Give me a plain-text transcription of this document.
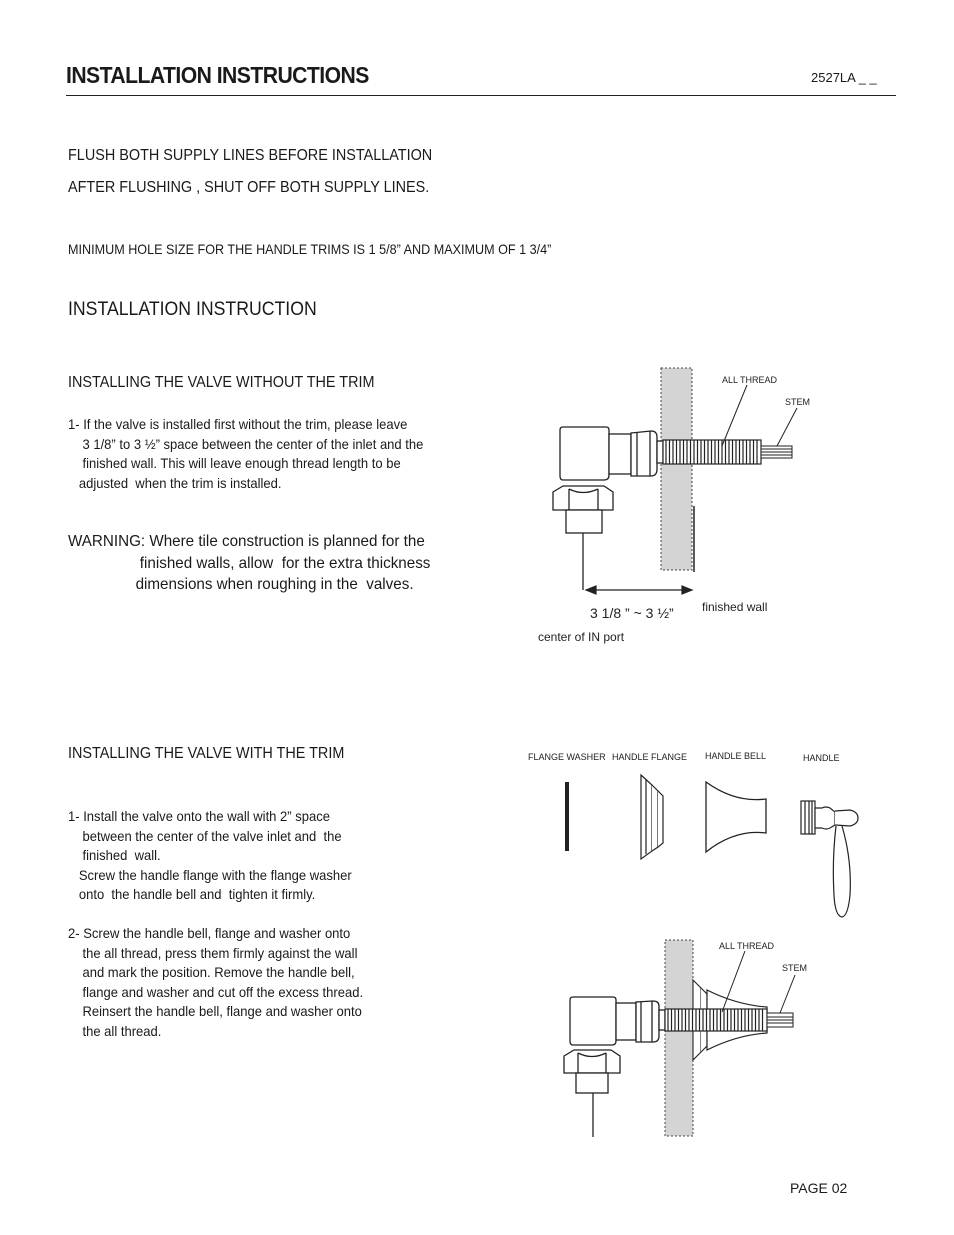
INSTALLATION INSTRUCTIONS	2527LA _ _
FLUSH BOTH SUPPLY LINES BEFORE INSTALLATION
AFTER FLUSHING , SHUT OFF BOTH SUPPLY LINES.
MINIMUM HOLE SIZE FOR THE HANDLE TRIMS IS 1 5/8” AND MAXIMUM OF 1 3/4”
INSTALLATION INSTRUCTION
INSTALLING THE VALVE WITHOUT THE TRIM
1- If the valve is installed first without the trim, please leave
3 1/8” to 3 ½” space between the center of the inlet and the
finished wall. This will leave enough thread length to be
adjusted  when the trim is installed.
WARNING: Where tile construction is planned for the
finished walls, allow  for the extra thickness
dimensions when roughing in the  valves.
INSTALLING THE VALVE WITH THE TRIM
1- Install the valve onto the wall with 2” space
between the center of the valve inlet and  the
finished  wall.
Screw the handle flange with the flange washer
onto  the handle bell and  tighten it firmly.
2- Screw the handle bell, flange and washer onto
the all thread, press them firmly against the wall
and mark the position. Remove the handle bell,
flange and washer and cut off the excess thread.
Reinsert the handle bell, flange and washer onto
the all thread.
PAGE 02
ALL THREAD
STEM
3 1/8 ” ~ 3 ½” finished wall
center of IN port
FLANGE WASHER HANDLE FLANGE HANDLE BELL	HANDLE
ALL THREAD
STEM
